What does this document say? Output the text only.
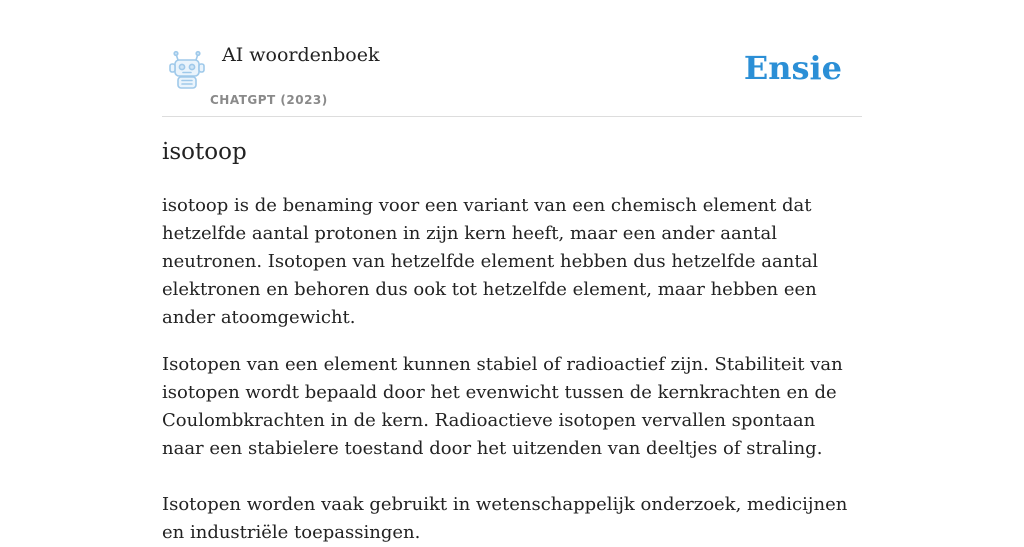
AI woordenboek
CHATGPT (2023)
Ensie
isotoop

isotoop is de benaming voor een variant van een chemisch element dat hetzelfde aantal protonen in zijn kern heeft, maar een ander aantal neutronen. Isotopen van hetzelfde element hebben dus hetzelfde aantal elektronen en behoren dus ook tot hetzelfde element, maar hebben een ander atoomgewicht.

Isotopen van een element kunnen stabiel of radioactief zijn. Stabiliteit van isotopen wordt bepaald door het evenwicht tussen de kernkrachten en de Coulombkrachten in de kern. Radioactieve isotopen vervallen spontaan naar een stabielere toestand door het uitzenden van deeltjes of straling.

Isotopen worden vaak gebruikt in wetenschappelijk onderzoek, medicijnen en industriële toepassingen.
